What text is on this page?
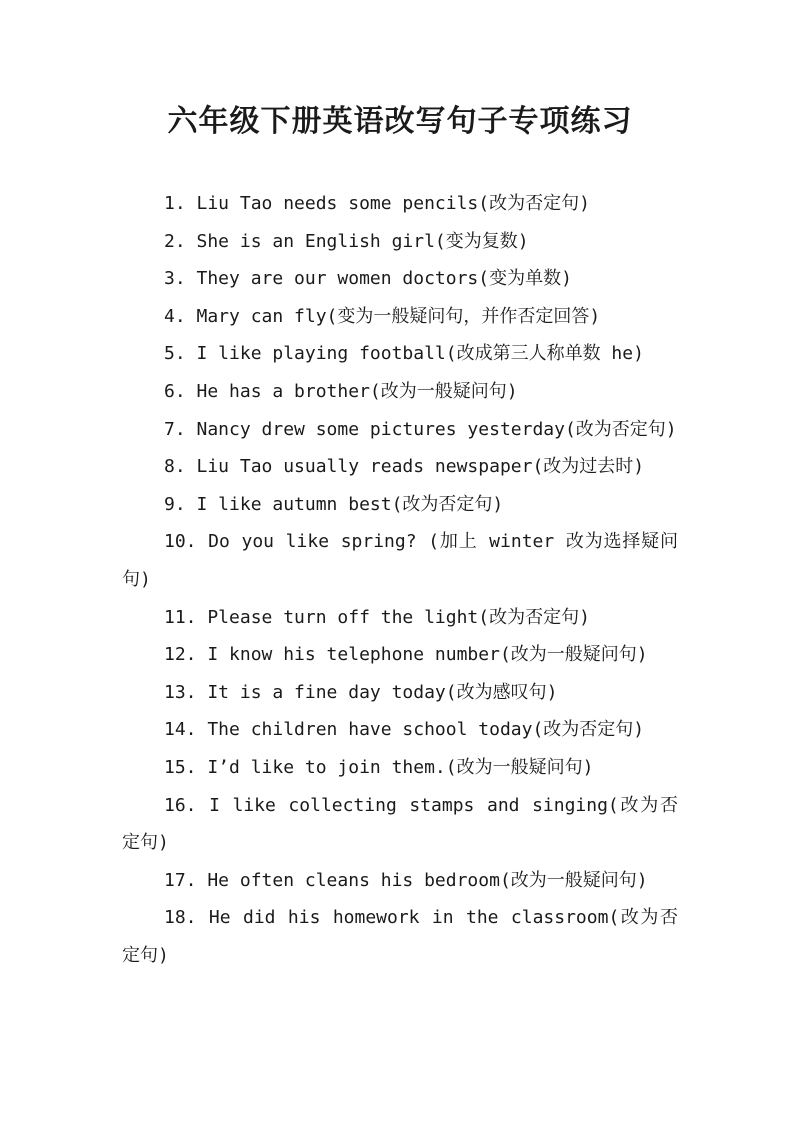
六年级下册英语改写句子专项练习
1. Liu Tao needs some pencils(改为否定句)
2. She is an English girl(变为复数)
3. They are our women doctors(变为单数)
4. Mary can fly(变为一般疑问句，并作否定回答)
5. I like playing football(改成第三人称单数 he)
6. He has a brother(改为一般疑问句)
7. Nancy drew some pictures yesterday(改为否定句)
8. Liu Tao usually reads newspaper(改为过去时)
9. I like autumn best(改为否定句)
10. Do you like spring? (加上 winter 改为选择疑问句)
11. Please turn off the light(改为否定句)
12. I know his telephone number(改为一般疑问句)
13. It is a fine day today(改为感叹句)
14. The children have school today(改为否定句)
15. I’d like to join them.(改为一般疑问句)
16. I like collecting stamps and singing(改为否定句)
17. He often cleans his bedroom(改为一般疑问句)
18. He did his homework in the classroom(改为否定句)
